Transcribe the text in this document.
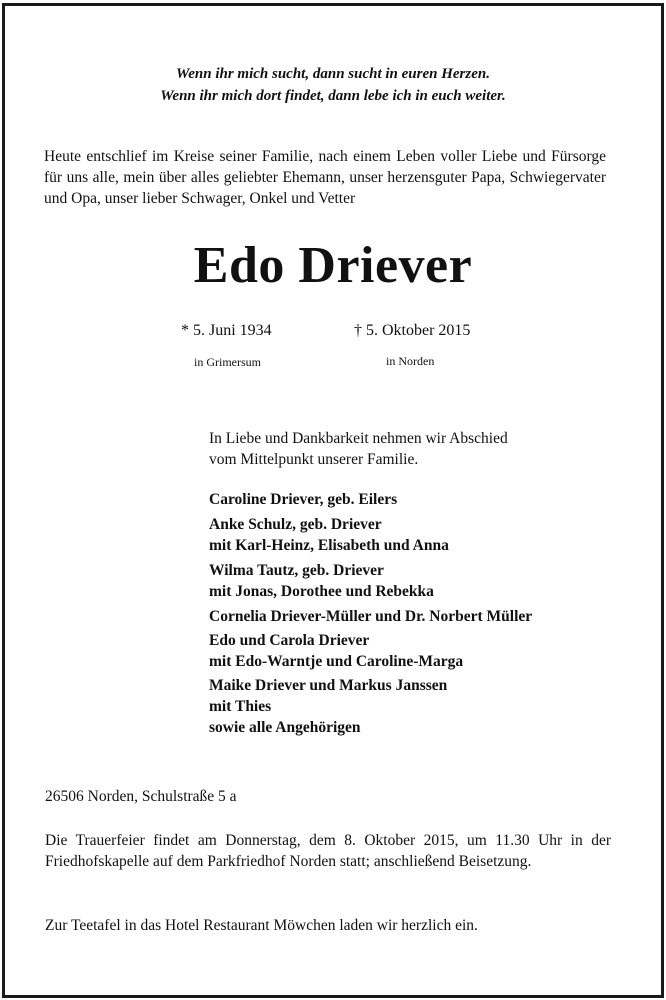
Wenn ihr mich sucht, dann sucht in euren Herzen.
Wenn ihr mich dort findet, dann lebe ich in euch weiter.
Heute entschlief im Kreise seiner Familie, nach einem Leben voller Liebe und Fürsorge für uns alle, mein über alles geliebter Ehemann, unser herzensguter Papa, Schwiegervater und Opa, unser lieber Schwager, Onkel und Vetter
Edo Driever
* 5. Juni 1934	† 5. Oktober 2015
in Grimersum	in Norden
In Liebe und Dankbarkeit nehmen wir Abschied
vom Mittelpunkt unserer Familie.
Caroline Driever, geb. Eilers
Anke Schulz, geb. Driever
mit Karl-Heinz, Elisabeth und Anna
Wilma Tautz, geb. Driever
mit Jonas, Dorothee und Rebekka
Cornelia Driever-Müller und Dr. Norbert Müller
Edo und Carola Driever
mit Edo-Warntje und Caroline-Marga
Maike Driever und Markus Janssen
mit Thies
sowie alle Angehörigen
26506 Norden, Schulstraße 5 a
Die Trauerfeier findet am Donnerstag, dem 8. Oktober 2015, um 11.30 Uhr in der Friedhofskapelle auf dem Parkfriedhof Norden statt; anschließend Beisetzung.
Zur Teetafel in das Hotel Restaurant Möwchen laden wir herzlich ein.
